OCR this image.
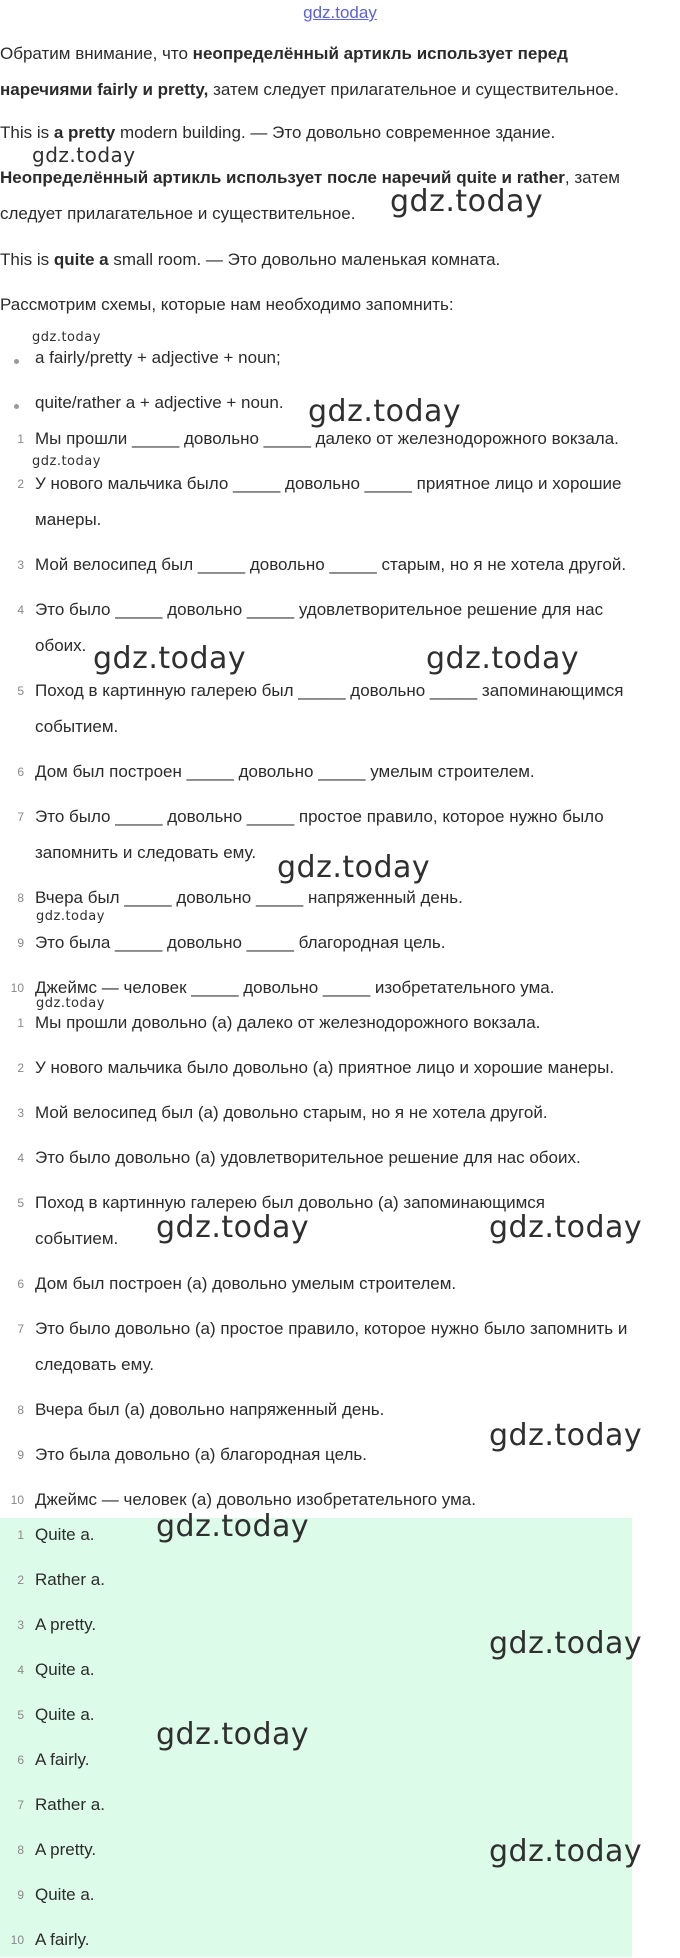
gdz.today
Обратим внимание, что неопределённый артикль использует перед
наречиями fairly и pretty, затем следует прилагательное и существительное.
This is a pretty modern building. — Это довольно современное здание.
Неопределённый артикль использует после наречий quite и rather, затем
следует прилагательное и существительное.
This is quite a small room. — Это довольно маленькая комната.
Рассмотрим схемы, которые нам необходимо запомнить:
a fairly/pretty + adjective + noun;
quite/rather a + adjective + noun.
1 Мы прошли _____ довольно _____ далеко от железнодорожного вокзала.
2 У нового мальчика было _____ довольно _____ приятное лицо и хорошие
манеры.
3 Мой велосипед был _____ довольно _____ старым, но я не хотела другой.
4 Это было _____ довольно _____ удовлетворительное решение для нас
обоих.
5 Поход в картинную галерею был _____ довольно _____ запоминающимся
событием.
6 Дом был построен _____ довольно _____ умелым строителем.
7 Это было _____ довольно _____ простое правило, которое нужно было
запомнить и следовать ему.
8 Вчера был _____ довольно _____ напряженный день.
9 Это была _____ довольно _____ благородная цель.
10 Джеймс — человек _____ довольно _____ изобретательного ума.
1 Мы прошли довольно (а) далеко от железнодорожного вокзала.
2 У нового мальчика было довольно (а) приятное лицо и хорошие манеры.
3 Мой велосипед был (а) довольно старым, но я не хотела другой.
4 Это было довольно (а) удовлетворительное решение для нас обоих.
5 Поход в картинную галерею был довольно (а) запоминающимся
событием.
6 Дом был построен (а) довольно умелым строителем.
7 Это было довольно (а) простое правило, которое нужно было запомнить и
следовать ему.
8 Вчера был (а) довольно напряженный день.
9 Это была довольно (а) благородная цель.
10 Джеймс — человек (а) довольно изобретательного ума.
1 Quite a.
2 Rather a.
3 A pretty.
4 Quite a.
5 Quite a.
6 A fairly.
7 Rather a.
8 A pretty.
9 Quite a.
10 A fairly.
gdz.today
gdz.today
gdz.today
gdz.today
gdz.today
gdz.today	gdz.today
gdz.today
gdz.today
gdz.today
gdz.today	gdz.today
gdz.today
gdz.today
gdz.today
gdz.today
gdz.today
